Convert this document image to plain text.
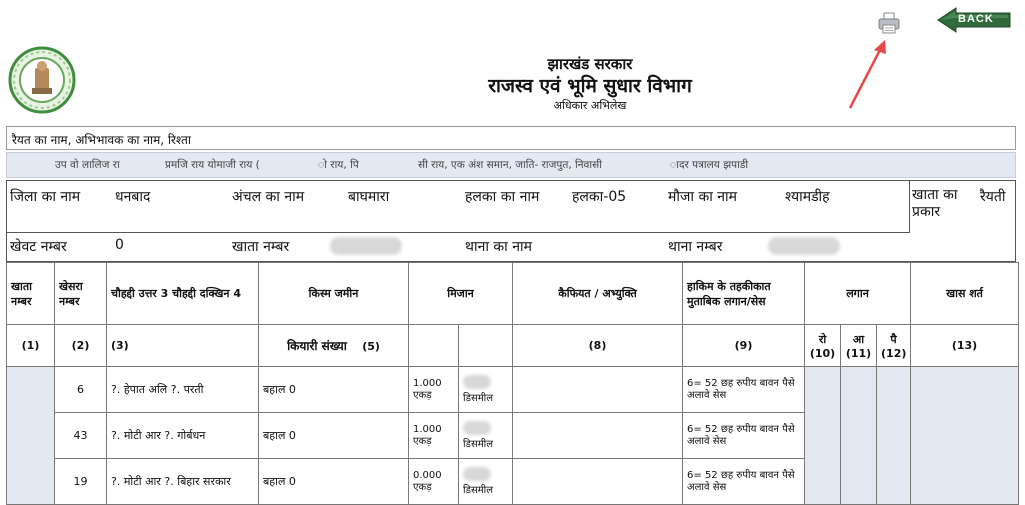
झारखंड सरकार
राजस्व एवं भूमि सुधार विभाग
अधिकार अभिलेख
BACK
रैयत का नाम, अभिभावक का नाम, रिश्ता
उप वो लालिज रा	प्रमजि राय योमाजी राय (	ो राय, पि	सी राय, एक अंश समान, जाति- राजपुत, निवासी	ादर पत्रालय झपाडी
जिला का नाम धनबाद	अंचल का नाम	बाघमारा	हलका का नाम हलका-05	मौजा का नाम	श्यामडीह	खाता का प्रकार
रैयती
खेवट नम्बर	0	खाता नम्बर	थाना का नाम	थाना नम्बर
खाता नम्बर	खेसरा नम्बर	चौहद्दी उत्तर 3 चौहद्दी दक्खिन 4	किस्म जमीन	मिजान		कैफियत / अभ्युक्ति	हाकिम के तहकीकात मुताबिक लगान/सेस	लगान			खास शर्त
(1)	(2)	(3)	कियारी संख्या (5)			(8)	(9)	रो (10)	आ (11)	पै (12)	(13)
	6	?. हेपात अलि ?. परती	बहाल 0	1.000 एकड़	डिसमील		6= 52 छह रुपीय बावन पैसे अलावे सेस				
	43	?. मोटी आर ?. गोर्बधन	बहाल 0	1.000 एकड़	डिसमील		6= 52 छह रुपीय बावन पैसे अलावे सेस				
	19	?. मोटी आर ?. बिहार सरकार	बहाल 0	0.000 एकड़	डिसमील		6= 52 छह रुपीय बावन पैसे अलावे सेस				
